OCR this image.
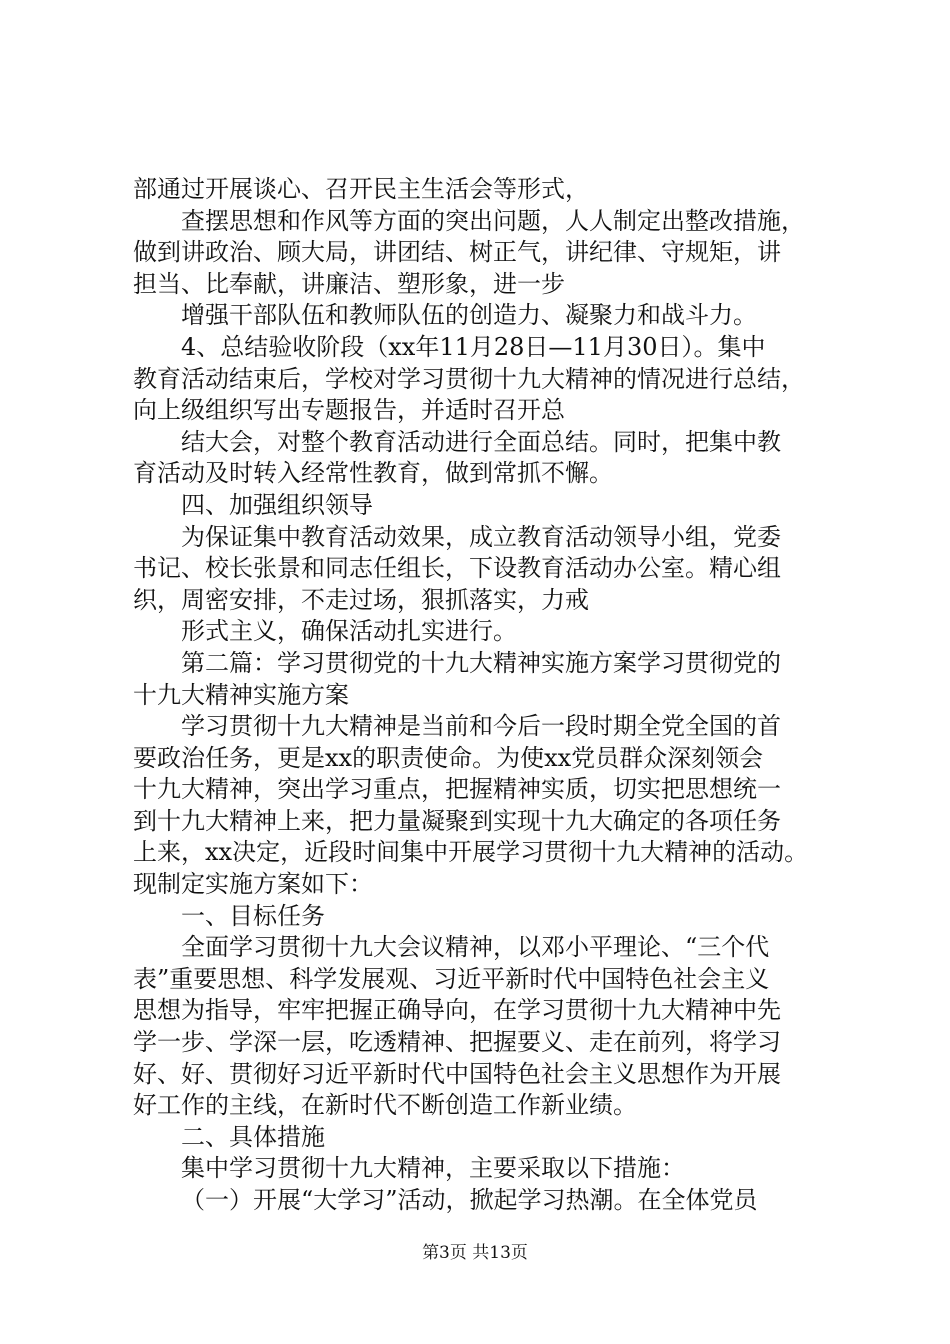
部通过开展谈心、召开民主生活会等形式，
查摆思想和作风等方面的突出问题，人人制定出整改措施，
做到讲政治、顾大局，讲团结、树正气，讲纪律、守规矩，讲
担当、比奉献，讲廉洁、塑形象，进一步
增强干部队伍和教师队伍的创造力、凝聚力和战斗力。
4、总结验收阶段（xx年11月28日—11月30日）。集中
教育活动结束后，学校对学习贯彻十九大精神的情况进行总结，
向上级组织写出专题报告，并适时召开总
结大会，对整个教育活动进行全面总结。同时，把集中教
育活动及时转入经常性教育，做到常抓不懈。
四、加强组织领导
为保证集中教育活动效果，成立教育活动领导小组，党委
书记、校长张景和同志任组长，下设教育活动办公室。精心组
织，周密安排，不走过场，狠抓落实，力戒
形式主义，确保活动扎实进行。
第二篇：学习贯彻党的十九大精神实施方案学习贯彻党的
十九大精神实施方案
学习贯彻十九大精神是当前和今后一段时期全党全国的首
要政治任务，更是xx的职责使命。为使xx党员群众深刻领会
十九大精神，突出学习重点，把握精神实质，切实把思想统一
到十九大精神上来，把力量凝聚到实现十九大确定的各项任务
上来，xx决定，近段时间集中开展学习贯彻十九大精神的活动。
现制定实施方案如下：
一、目标任务
全面学习贯彻十九大会议精神，以邓小平理论、“三个代
表”重要思想、科学发展观、习近平新时代中国特色社会主义
思想为指导，牢牢把握正确导向，在学习贯彻十九大精神中先
学一步、学深一层，吃透精神、把握要义、走在前列，将学习
好、好、贯彻好习近平新时代中国特色社会主义思想作为开展
好工作的主线，在新时代不断创造工作新业绩。
二、具体措施
集中学习贯彻十九大精神，主要采取以下措施：
（一）开展“大学习”活动，掀起学习热潮。在全体党员
第3页 共13页
